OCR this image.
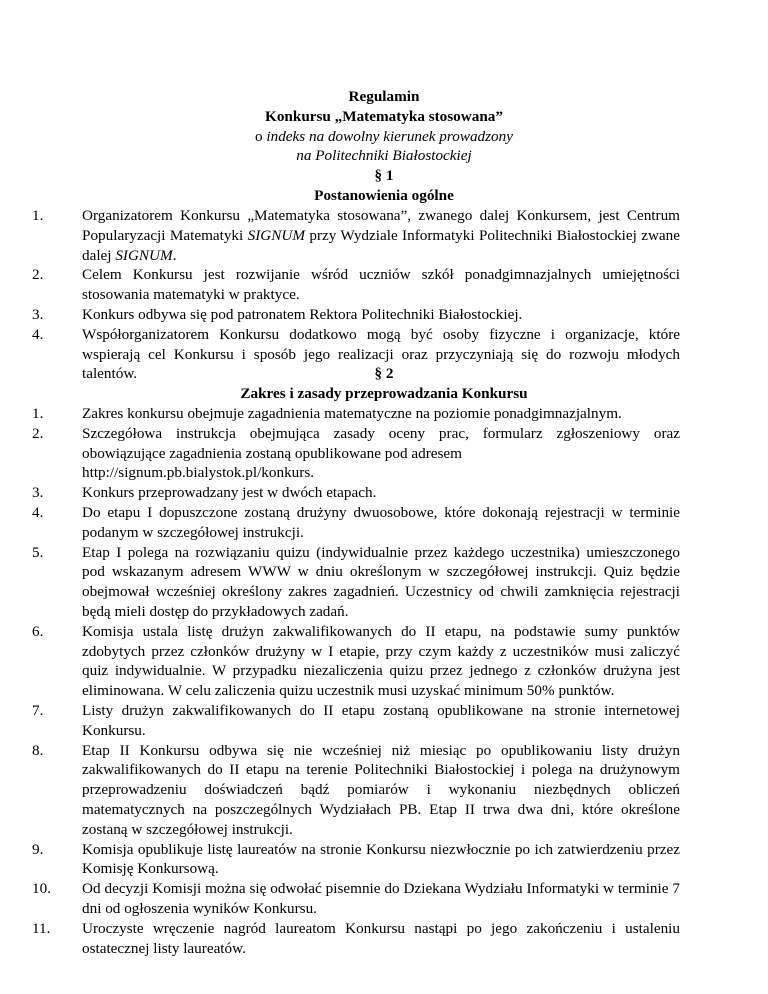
Regulamin
Konkursu „Matematyka stosowana”
o indeks na dowolny kierunek prowadzony
na Politechniki Białostockiej
§ 1
Postanowienia ogólne
1.	Organizatorem Konkursu „Matematyka stosowana”, zwanego dalej Konkursem, jest Centrum Popularyzacji Matematyki SIGNUM przy Wydziale Informatyki Politechniki Białostockiej zwane dalej SIGNUM.
2.	Celem Konkursu jest rozwijanie wśród uczniów szkół ponadgimnazjalnych umiejętności stosowania matematyki w praktyce.
3.	Konkurs odbywa się pod patronatem Rektora Politechniki Białostockiej.
4.	Współorganizatorem Konkursu dodatkowo mogą być osoby fizyczne i organizacje, które wspierają cel Konkursu i sposób jego realizacji oraz przyczyniają się do rozwoju młodych talentów.	§ 2
Zakres i zasady przeprowadzania Konkursu
1.	Zakres konkursu obejmuje zagadnienia matematyczne na poziomie ponadgimnazjalnym.
2.	Szczegółowa instrukcja obejmująca zasady oceny prac, formularz zgłoszeniowy oraz obowiązujące zagadnienia zostaną opublikowane pod adresem
http://signum.pb.bialystok.pl/konkurs.
3.	Konkurs przeprowadzany jest w dwóch etapach.
4.	Do etapu I dopuszczone zostaną drużyny dwuosobowe, które dokonają rejestracji w terminie podanym w szczegółowej instrukcji.
5.	Etap I polega na rozwiązaniu quizu (indywidualnie przez każdego uczestnika) umieszczonego pod wskazanym adresem WWW w dniu określonym w szczegółowej instrukcji. Quiz będzie obejmował wcześniej określony zakres zagadnień. Uczestnicy od chwili zamknięcia rejestracji będą mieli dostęp do przykładowych zadań.
6.	Komisja ustala listę drużyn zakwalifikowanych do II etapu, na podstawie sumy punktów zdobytych przez członków drużyny w I etapie, przy czym każdy z uczestników musi zaliczyć quiz indywidualnie. W przypadku niezaliczenia quizu przez jednego z członków drużyna jest eliminowana. W celu zaliczenia quizu uczestnik musi uzyskać minimum 50% punktów.
7.	Listy drużyn zakwalifikowanych do II etapu zostaną opublikowane na stronie internetowej Konkursu.
8.	Etap II Konkursu odbywa się nie wcześniej niż miesiąc po opublikowaniu listy drużyn zakwalifikowanych do II etapu na terenie Politechniki Białostockiej i polega na drużynowym przeprowadzeniu doświadczeń bądź pomiarów i wykonaniu niezbędnych obliczeń matematycznych na poszczególnych Wydziałach PB. Etap II trwa dwa dni, które określone zostaną w szczegółowej instrukcji.
9.	Komisja opublikuje listę laureatów na stronie Konkursu niezwłocznie po ich zatwierdzeniu przez Komisję Konkursową.
10.	Od decyzji Komisji można się odwołać pisemnie do Dziekana Wydziału Informatyki w terminie 7 dni od ogłoszenia wyników Konkursu.
11.	Uroczyste wręczenie nagród laureatom Konkursu nastąpi po jego zakończeniu i ustaleniu ostatecznej listy laureatów.
